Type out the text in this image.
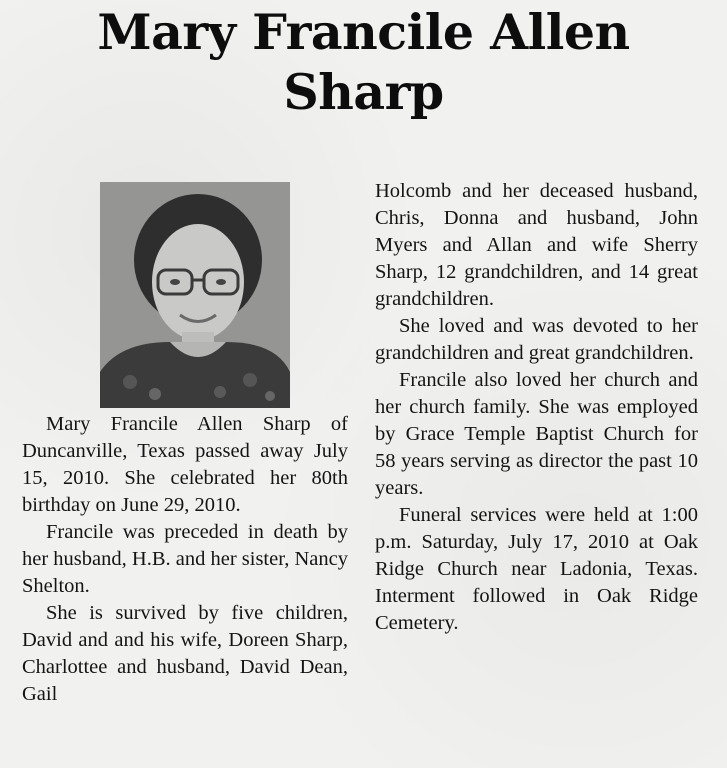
Mary Francile Allen
Sharp

Mary Francile Allen Sharp of Duncanville, Texas passed away July 15, 2010. She celebrated her 80th birthday on June 29, 2010.

Francile was preceded in death by her husband, H.B. and her sister, Nancy Shelton.

She is survived by five children, David and and his wife, Doreen Sharp, Charlottee and husband, David Dean, Gail

Holcomb and her deceased husband, Chris, Donna and husband, John Myers and Allan and wife Sherry Sharp, 12 grandchildren, and 14 great grandchildren.

She loved and was devoted to her grandchildren and great grandchildren.

Francile also loved her church and her church family. She was employed by Grace Temple Baptist Church for 58 years serving as director the past 10 years.

Funeral services were held at 1:00 p.m. Saturday, July 17, 2010 at Oak Ridge Church near Ladonia, Texas. Interment followed in Oak Ridge Cemetery.
